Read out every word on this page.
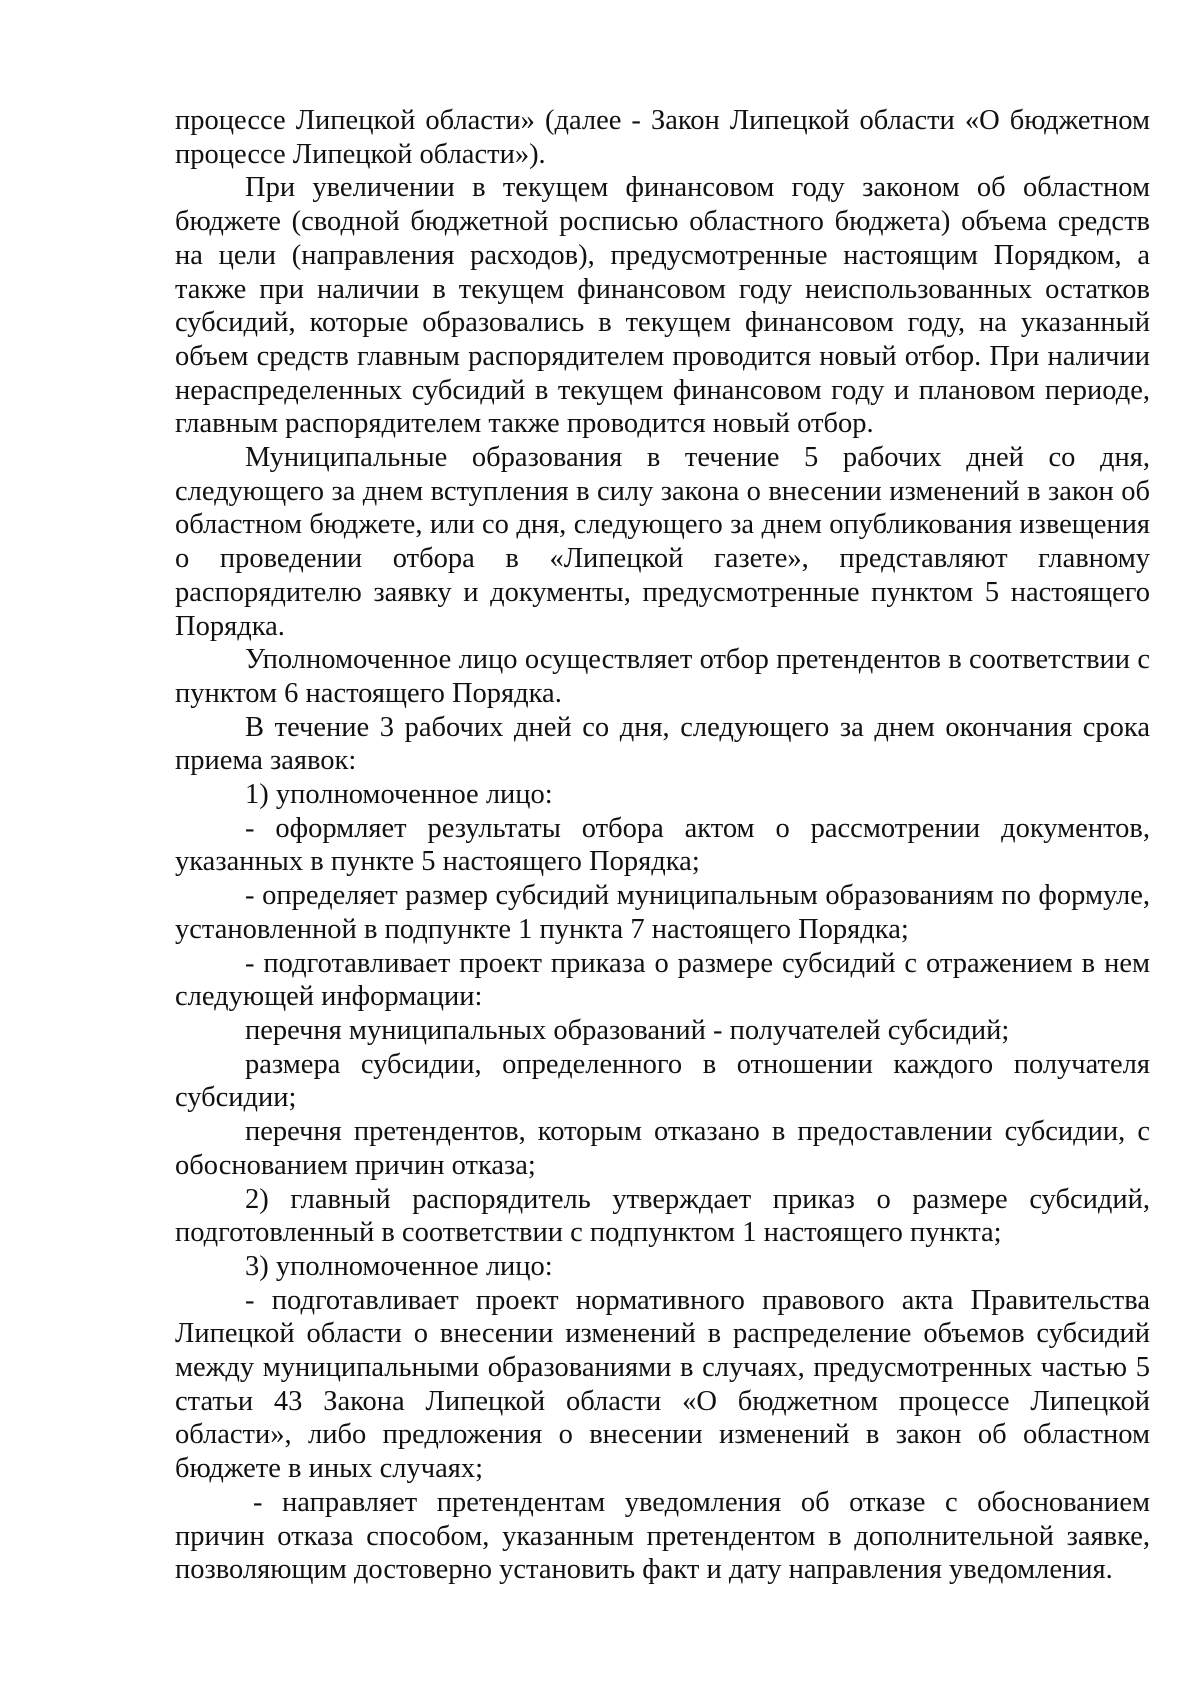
процессе Липецкой области» (далее - Закон Липецкой области «О бюджетном процессе Липецкой области»).

При увеличении в текущем финансовом году законом об областном бюджете (сводной бюджетной росписью областного бюджета) объема средств на цели (направления расходов), предусмотренные настоящим Порядком, а также при наличии в текущем финансовом году неиспользованных остатков субсидий, которые образовались в текущем финансовом году, на указанный объем средств главным распорядителем проводится новый отбор. При наличии нераспределенных субсидий в текущем финансовом году и плановом периоде, главным распорядителем также проводится новый отбор.

Муниципальные образования в течение 5 рабочих дней со дня, следующего за днем вступления в силу закона о внесении изменений в закон об областном бюджете, или со дня, следующего за днем опубликования извещения о проведении отбора в «Липецкой газете», представляют главному распорядителю заявку и документы, предусмотренные пунктом 5 настоящего Порядка.

Уполномоченное лицо осуществляет отбор претендентов в соответствии с пунктом 6 настоящего Порядка.

В течение 3 рабочих дней со дня, следующего за днем окончания срока приема заявок:

1) уполномоченное лицо:

- оформляет результаты отбора актом о рассмотрении документов, указанных в пункте 5 настоящего Порядка;

- определяет размер субсидий муниципальным образованиям по формуле, установленной в подпункте 1 пункта 7 настоящего Порядка;

- подготавливает проект приказа о размере субсидий с отражением в нем следующей информации:

перечня муниципальных образований - получателей субсидий;

размера субсидии, определенного в отношении каждого получателя субсидии;

перечня претендентов, которым отказано в предоставлении субсидии, с обоснованием причин отказа;

2) главный распорядитель утверждает приказ о размере субсидий, подготовленный в соответствии с подпунктом 1 настоящего пункта;

3) уполномоченное лицо:

- подготавливает проект нормативного правового акта Правительства Липецкой области о внесении изменений в распределение объемов субсидий между муниципальными образованиями в случаях, предусмотренных частью 5 статьи 43 Закона Липецкой области «О бюджетном процессе Липецкой области», либо предложения о внесении изменений в закон об областном бюджете в иных случаях;

- направляет претендентам уведомления об отказе с обоснованием причин отказа способом, указанным претендентом в дополнительной заявке, позволяющим достоверно установить факт и дату направления уведомления.
